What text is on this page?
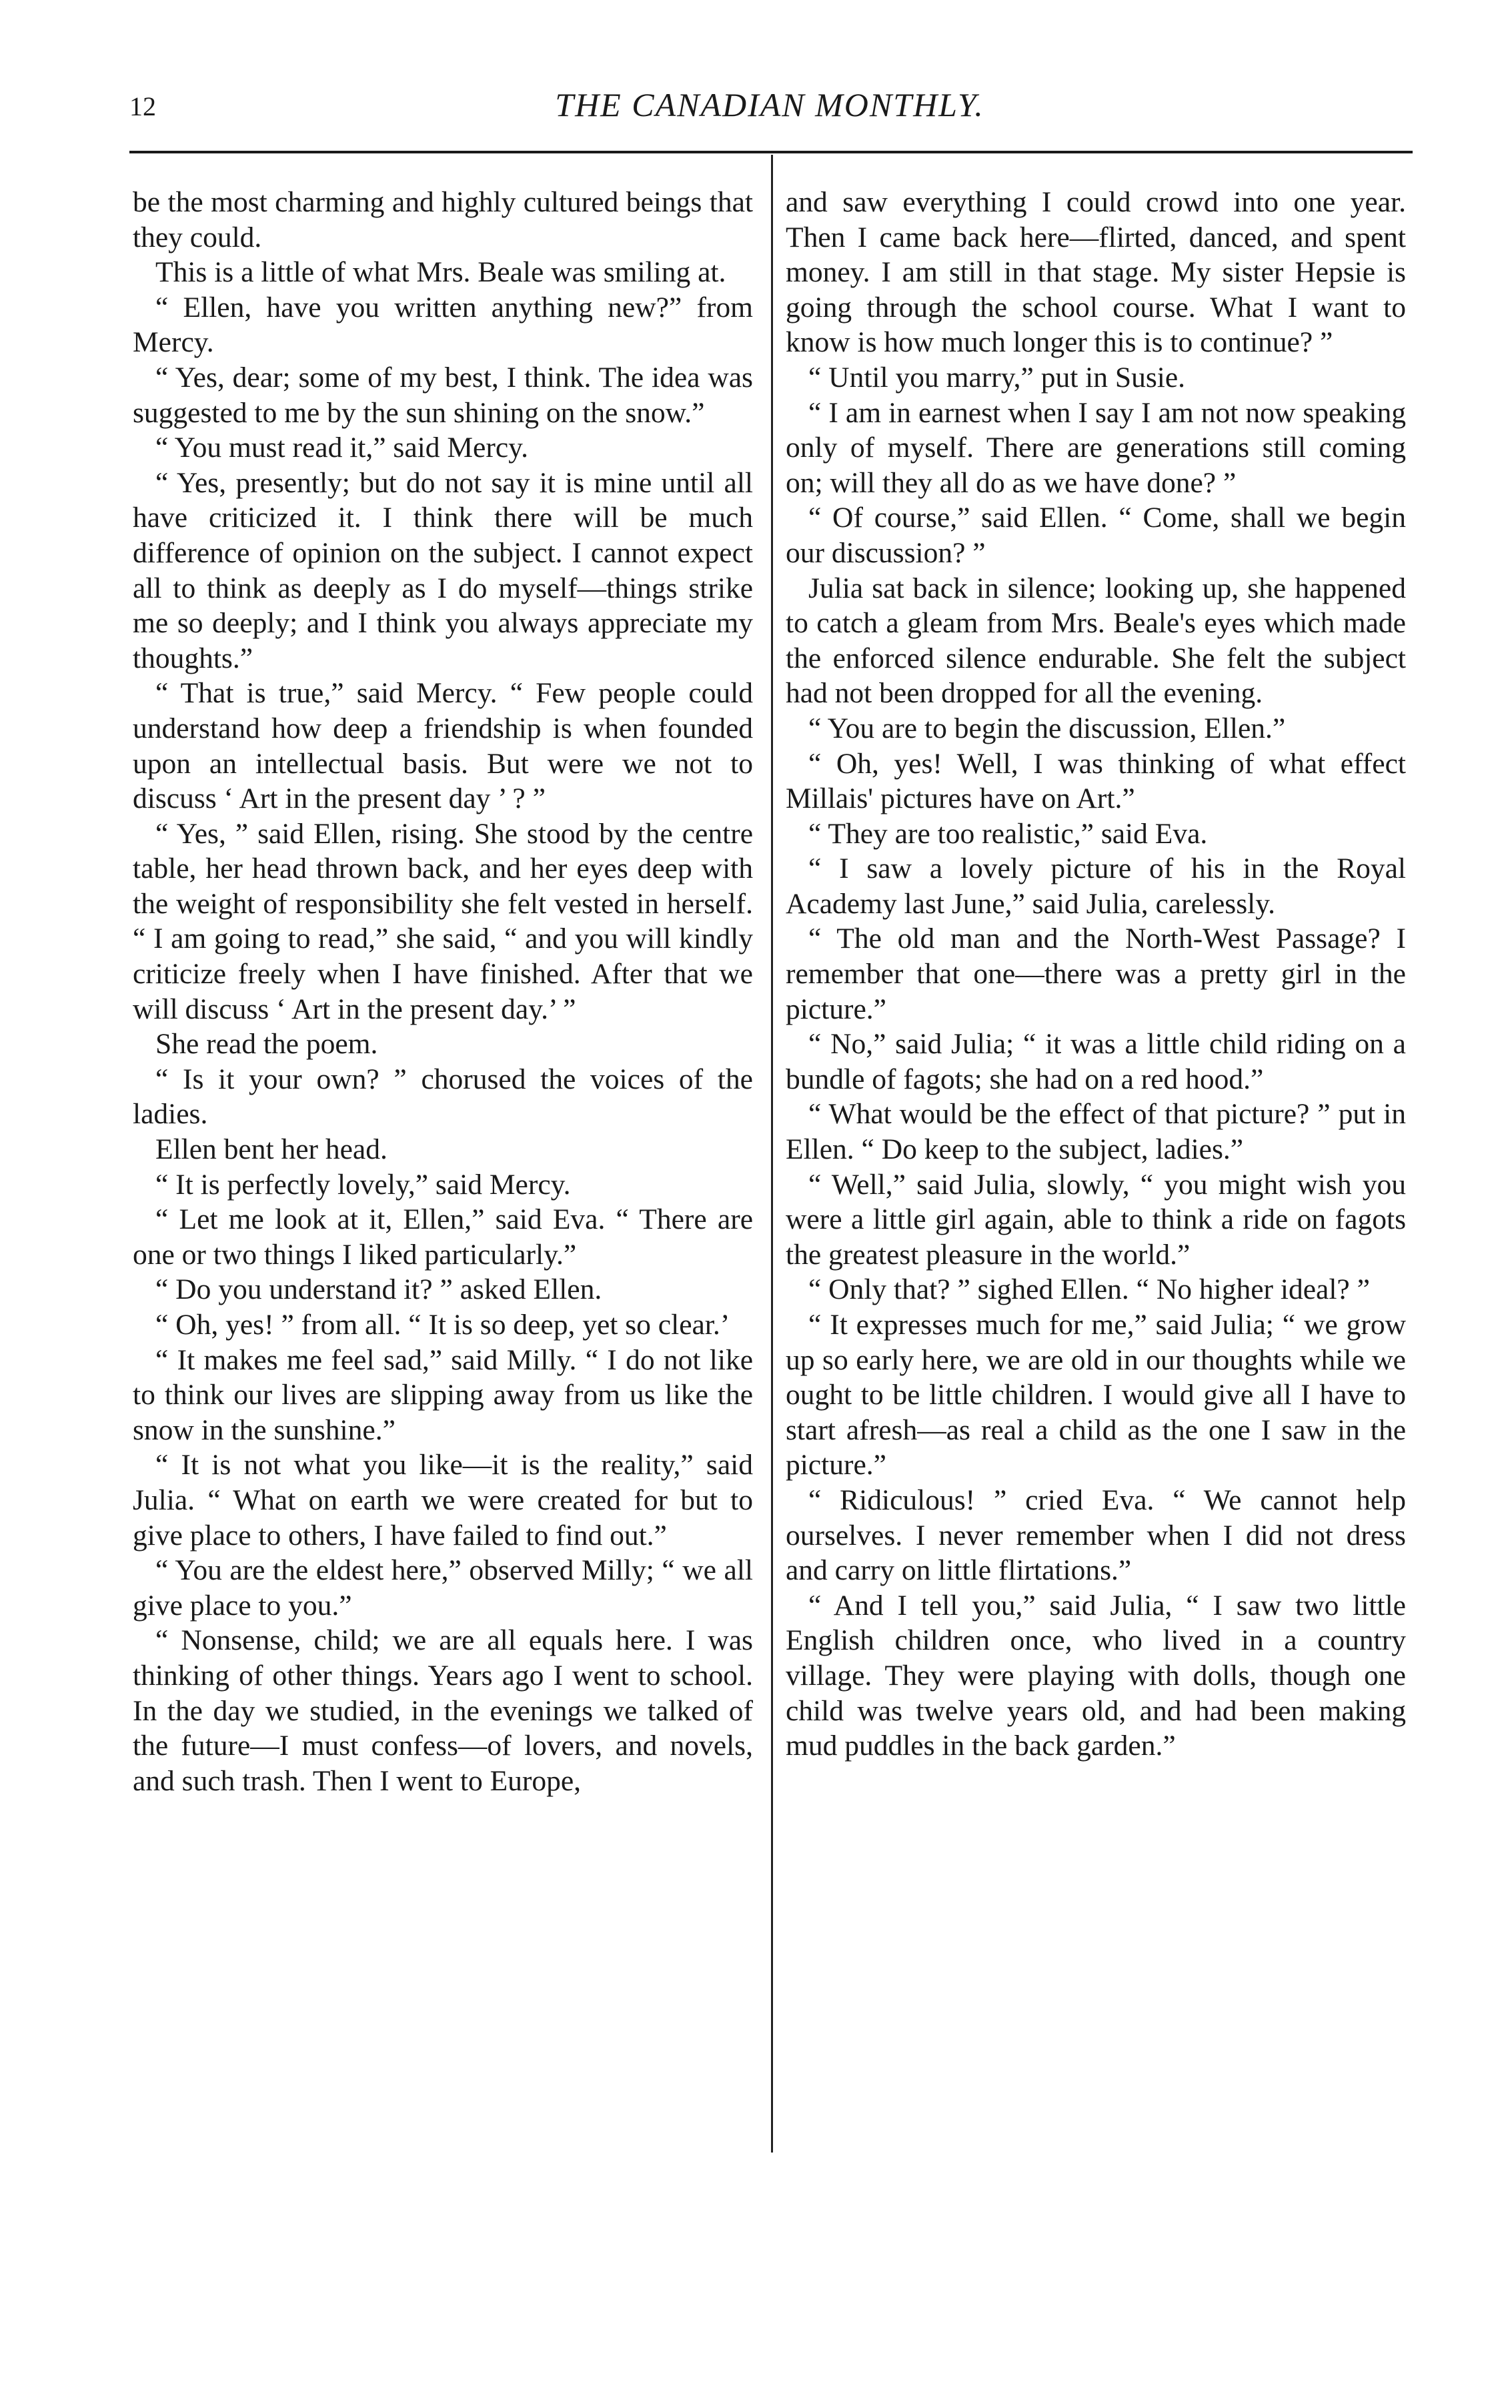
12	THE CANADIAN MONTHLY.

be the most charming and highly cultured beings that they could.

This is a little of what Mrs. Beale was smiling at.

“ Ellen, have you written anything new?” from Mercy.

“ Yes, dear; some of my best, I think. The idea was suggested to me by the sun shining on the snow.”

“ You must read it,” said Mercy.

“ Yes, presently; but do not say it is mine until all have criticized it. I think there will be much difference of opinion on the subject. I cannot expect all to think as deeply as I do myself—things strike me so deeply; and I think you always appreciate my thoughts.”

“ That is true,” said Mercy. “ Few people could understand how deep a friendship is when founded upon an intellectual basis. But were we not to discuss ‘ Art in the present day ’ ? ”

“ Yes, ” said Ellen, rising. She stood by the centre table, her head thrown back, and her eyes deep with the weight of responsibility she felt vested in herself. “ I am going to read,” she said, “ and you will kindly criticize freely when I have finished. After that we will discuss ‘ Art in the present day.’ ”

She read the poem.

“ Is it your own? ” chorused the voices of the ladies.

Ellen bent her head.

“ It is perfectly lovely,” said Mercy.

“ Let me look at it, Ellen,” said Eva. “ There are one or two things I liked particularly.”

“ Do you understand it? ” asked Ellen.

“ Oh, yes! ” from all. “ It is so deep, yet so clear.’

“ It makes me feel sad,” said Milly. “ I do not like to think our lives are slipping away from us like the snow in the sunshine.”

“ It is not what you like—it is the reality,” said Julia. “ What on earth we were created for but to give place to others, I have failed to find out.”

“ You are the eldest here,” observed Milly; “ we all give place to you.”

“ Nonsense, child; we are all equals here. I was thinking of other things. Years ago I went to school. In the day we studied, in the evenings we talked of the future—I must confess—of lovers, and novels, and such trash. Then I went to Europe,

and saw everything I could crowd into one year. Then I came back here—flirted, danced, and spent money. I am still in that stage. My sister Hepsie is going through the school course. What I want to know is how much longer this is to continue? ”

“ Until you marry,” put in Susie.

“ I am in earnest when I say I am not now speaking only of myself. There are generations still coming on; will they all do as we have done? ”

“ Of course,” said Ellen. “ Come, shall we begin our discussion? ”

Julia sat back in silence; looking up, she happened to catch a gleam from Mrs. Beale's eyes which made the enforced silence endurable. She felt the subject had not been dropped for all the evening.

“ You are to begin the discussion, Ellen.”

“ Oh, yes! Well, I was thinking of what effect Millais' pictures have on Art.”

“ They are too realistic,” said Eva.

“ I saw a lovely picture of his in the Royal Academy last June,” said Julia, carelessly.

“ The old man and the North-West Passage? I remember that one—there was a pretty girl in the picture.”

“ No,” said Julia; “ it was a little child riding on a bundle of fagots; she had on a red hood.”

“ What would be the effect of that picture? ” put in Ellen. “ Do keep to the subject, ladies.”

“ Well,” said Julia, slowly, “ you might wish you were a little girl again, able to think a ride on fagots the greatest pleasure in the world.”

“ Only that? ” sighed Ellen. “ No higher ideal? ”

“ It expresses much for me,” said Julia; “ we grow up so early here, we are old in our thoughts while we ought to be little children. I would give all I have to start afresh—as real a child as the one I saw in the picture.”

“ Ridiculous! ” cried Eva. “ We cannot help ourselves. I never remember when I did not dress and carry on little flirtations.”

“ And I tell you,” said Julia, “ I saw two little English children once, who lived in a country village. They were playing with dolls, though one child was twelve years old, and had been making mud puddles in the back garden.”
